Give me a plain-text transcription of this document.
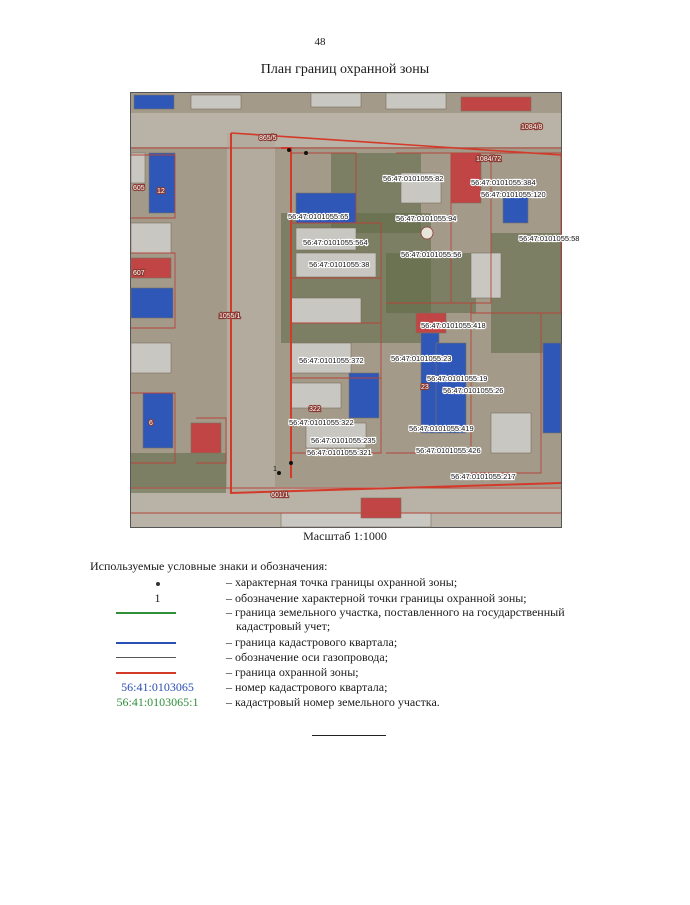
48
План границ охранной зоны
1
865/5
1084/8
1084/72
1055/1
601/1
12
607
605
6
322
23
56:47:0101055:82	56:47:0101055:384
56:47:0101055:120
56:47:0101055:65	56:47:0101055:94
56:47:0101055:56
56:47:0101055:564
56:47:0101055:38
56:47:0101055:418
56:47:0101055:372	56:47:0101055:23
56:47:0101055:19
56:47:0101055:26
56:47:0101055:322
56:47:0101055:235
56:47:0101055:321
56:47:0101055:419
56:47:0101055:426
56:47:0101055:217
56:47:0101055:58
Масштаб 1:1000
Используемые условные знаки и обозначения:
– характерная точка границы охранной зоны;
1	– обозначение характерной точки границы охранной зоны;
– граница земельного участка, поставленного на государственный
кадастровый учет;
– граница кадастрового квартала;
– обозначение оси газопровода;
– граница охранной зоны;
56:41:0103065	– номер кадастрового квартала;
56:41:0103065:1	– кадастровый номер земельного участка.
